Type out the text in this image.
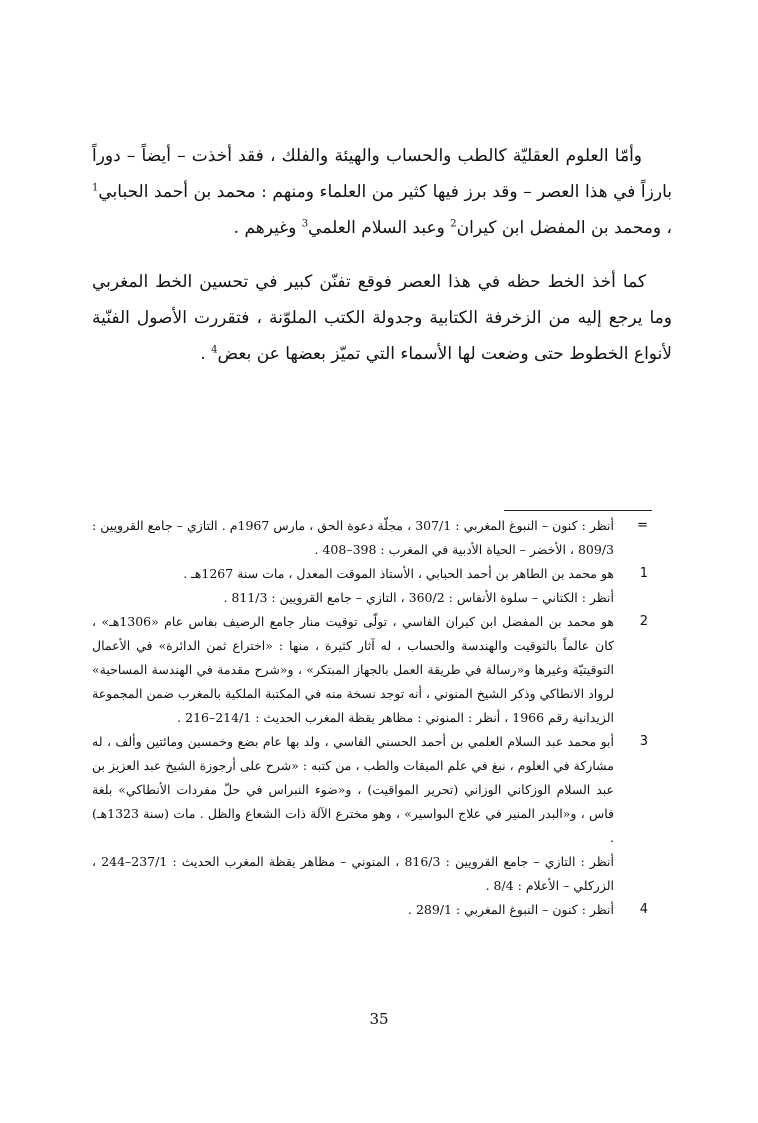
وأمّا العلوم العقليّة كالطب والحساب والهيئة والفلك ، فقد أخذت – أيضاً – دوراً بارزاً في هذا العصر – وقد برز فيها كثير من العلماء ومنهم : محمد بن أحمد الحبابي$^1$ ، ومحمد بن المفضل ابن كيران$^2$ وعبد السلام العلمي$^3$ وغيرهم .

كما أخذ الخط حظه في هذا العصر فوقع تفنّن كبير في تحسين الخط المغربي وما يرجع إليه من الزخرفة الكتابية وجدولة الكتب الملوّنة ، فتقررت الأصول الفنّية لأنواع الخطوط حتى وضعت لها الأسماء التي تميّز بعضها عن بعض$^4$ .

=
أنظر : كنون – النبوغ المغربي : 307/1 ، مجلّة دعوة الحق ، مارس 1967م . التازي – جامع القرويين : 809/3 ، الأخضر – الحياة الأدبية في المغرب : 398–408 .
1
هو محمد بن الطاهر بن أحمد الحبابي ، الأستاذ الموقت المعدل ، مات سنة 1267هـ .
أنظر : الكتاني – سلوة الأنفاس : 360/2 ، التازي – جامع القرويين : 811/3 .
2
هو محمد بن المفضل ابن كيران الفاسي ، تولّى توقيت منار جامع الرصيف بفاس عام «1306هـ» ، كان عالماً بالتوقيت والهندسة والحساب ، له آثار كثيرة ، منها : «اختراع ثمن الدائرة» في الأعمال التوقيتيّة وغيرها و«رسالة في طريقة العمل بالجهاز المبتكر» ، و«شرح مقدمة في الهندسة المساحية» لرواد الانطاكي وذكر الشيخ المنوني ، أنه توجد نسخة منه في المكتبة الملكية بالمغرب ضمن المجموعة الزيدانية رقم 1966 ، أنظر : المنوني : مظاهر يقظة المغرب الحديث : 214/1–216 .
3
أبو محمد عبد السلام العلمي بن أحمد الحسني الفاسي ، ولد بها عام بضع وخمسين ومائتين وألف ، له مشاركة في العلوم ، نبغ في علم الميقات والطب ، من كتبه : «شرح على أرجوزة الشيخ عبد العزيز بن عبد السلام الوزكاني الوزاني (تحرير المواقيت) ، و«ضوء النبراس في حلّ مفردات الأنطاكي» بلغة فاس ، و«البدر المنير في علاج البواسير» ، وهو مخترع الآلة ذات الشعاع والظل . مات (سنة 1323هـ) .
أنظر : التازي – جامع القرويين : 816/3 ، المنوني – مظاهر يقظة المغرب الحديث : 237/1–244 ، الزركلي – الأعلام : 8/4 .
4
أنظر : كنون – النبوغ المغربي : 289/1 .
35
